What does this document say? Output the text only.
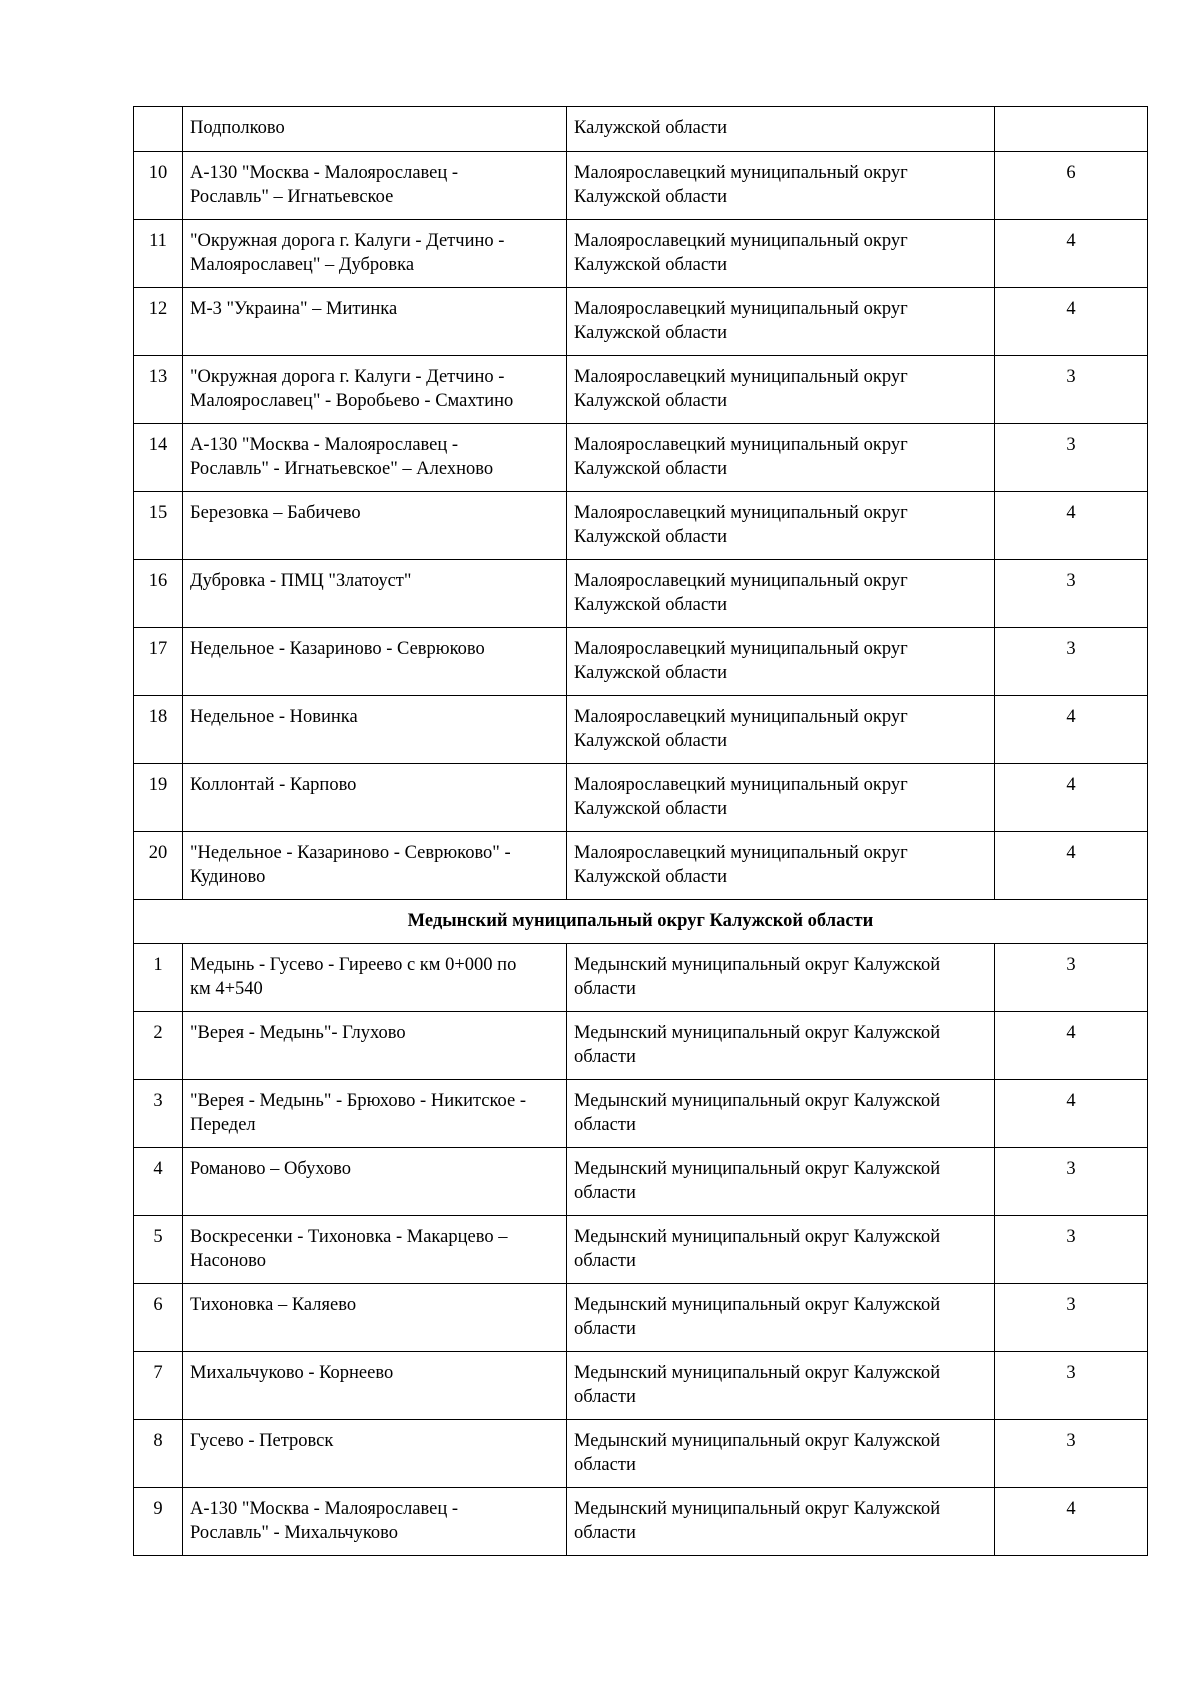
	Подполково	Калужской области	
10	А-130 "Москва - Малоярославец -
Рославль" – Игнатьевское	Малоярославецкий муниципальный округ
Калужской области	6
11	"Окружная дорога г. Калуги - Детчино -
Малоярославец" – Дубровка	Малоярославецкий муниципальный округ
Калужской области	4
12	М-3 "Украина" – Митинка	Малоярославецкий муниципальный округ
Калужской области	4
13	"Окружная дорога г. Калуги - Детчино -
Малоярославец" - Воробьево - Смахтино	Малоярославецкий муниципальный округ
Калужской области	3
14	А-130 "Москва - Малоярославец -
Рославль" - Игнатьевское" – Алехново	Малоярославецкий муниципальный округ
Калужской области	3
15	Березовка – Бабичево	Малоярославецкий муниципальный округ
Калужской области	4
16	Дубровка - ПМЦ "Златоуст"	Малоярославецкий муниципальный округ
Калужской области	3
17	Недельное - Казариново - Севрюково	Малоярославецкий муниципальный округ
Калужской области	3
18	Недельное - Новинка	Малоярославецкий муниципальный округ
Калужской области	4
19	Коллонтай - Карпово	Малоярославецкий муниципальный округ
Калужской области	4
20	"Недельное - Казариново - Севрюково" -
Кудиново	Малоярославецкий муниципальный округ
Калужской области	4
Медынский муниципальный округ Калужской области			
1	Медынь - Гусево - Гиреево с км 0+000 по
км 4+540	Медынский муниципальный округ Калужской
области	3
2	"Верея - Медынь"- Глухово	Медынский муниципальный округ Калужской
области	4
3	"Верея - Медынь" - Брюхово - Никитское -
Передел	Медынский муниципальный округ Калужской
области	4
4	Романово – Обухово	Медынский муниципальный округ Калужской
области	3
5	Воскресенки - Тихоновка - Макарцево –
Насоново	Медынский муниципальный округ Калужской
области	3
6	Тихоновка – Каляево	Медынский муниципальный округ Калужской
области	3
7	Михальчуково - Корнеево	Медынский муниципальный округ Калужской
области	3
8	Гусево - Петровск	Медынский муниципальный округ Калужской
области	3
9	А-130 "Москва - Малоярославец -
Рославль" - Михальчуково	Медынский муниципальный округ Калужской
области	4
